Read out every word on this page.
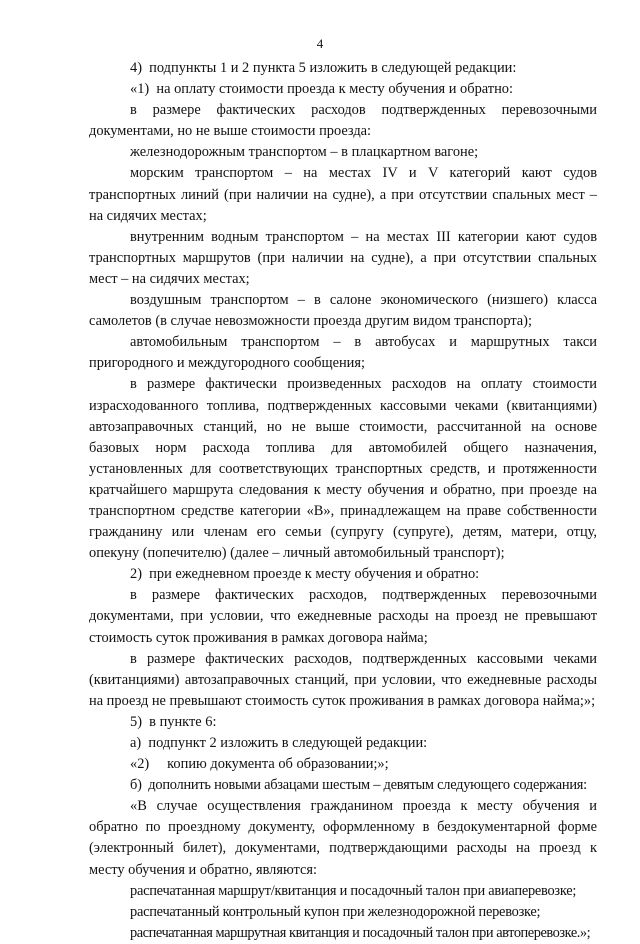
4

4)  подпункты 1 и 2 пункта 5 изложить в следующей редакции:

«1)  на оплату стоимости проезда к месту обучения и обратно:

в размере фактических расходов подтвержденных перевозочными документами, но не выше стоимости проезда:

железнодорожным транспортом – в плацкартном вагоне;

морским транспортом – на местах IV и V категорий кают судов транспортных линий (при наличии на судне), а при отсутствии спальных мест – на сидячих местах;

внутренним водным транспортом – на местах III категории кают судов транспортных маршрутов (при наличии на судне), а при отсутствии спальных мест – на сидячих местах;

воздушным транспортом – в салоне экономического (низшего) класса самолетов (в случае невозможности проезда другим видом транспорта);

автомобильным транспортом – в автобусах и маршрутных такси пригородного и междугородного сообщения;

в размере фактически произведенных расходов на оплату стоимости израсходованного топлива, подтвержденных кассовыми чеками (квитанциями) автозаправочных станций, но не выше стоимости, рассчитанной на основе базовых норм расхода топлива для автомобилей общего назначения, установленных для соответствующих транспортных средств, и протяженности кратчайшего маршрута следования к месту обучения и обратно, при проезде на транспортном средстве категории «B», принадлежащем на праве собственности гражданину или членам его семьи (супругу (супруге), детям, матери, отцу, опекуну (попечителю) (далее – личный автомобильный транспорт);

2)  при ежедневном проезде к месту обучения и обратно:

в размере фактических расходов, подтвержденных перевозочными документами, при условии, что ежедневные расходы на проезд не превышают стоимость суток проживания в рамках договора найма;

в размере фактических расходов, подтвержденных кассовыми чеками (квитанциями) автозаправочных станций, при условии, что ежедневные расходы на проезд не превышают стоимость суток проживания в рамках договора найма;»;

5)  в пункте 6:

а)  подпункт 2 изложить в следующей редакции:

«2)     копию документа об образовании;»;

б)  дополнить новыми абзацами шестым – девятым следующего содержания:

«В случае осуществления гражданином проезда к месту обучения и обратно по проездному документу, оформленному в бездокументарной форме (электронный билет), документами, подтверждающими расходы на проезд к месту обучения и обратно, являются:

распечатанная маршрут/квитанция и посадочный талон при авиаперевозке;

распечатанный контрольный купон при железнодорожной перевозке;

распечатанная маршрутная квитанция и посадочный талон при автоперевозке.»;
